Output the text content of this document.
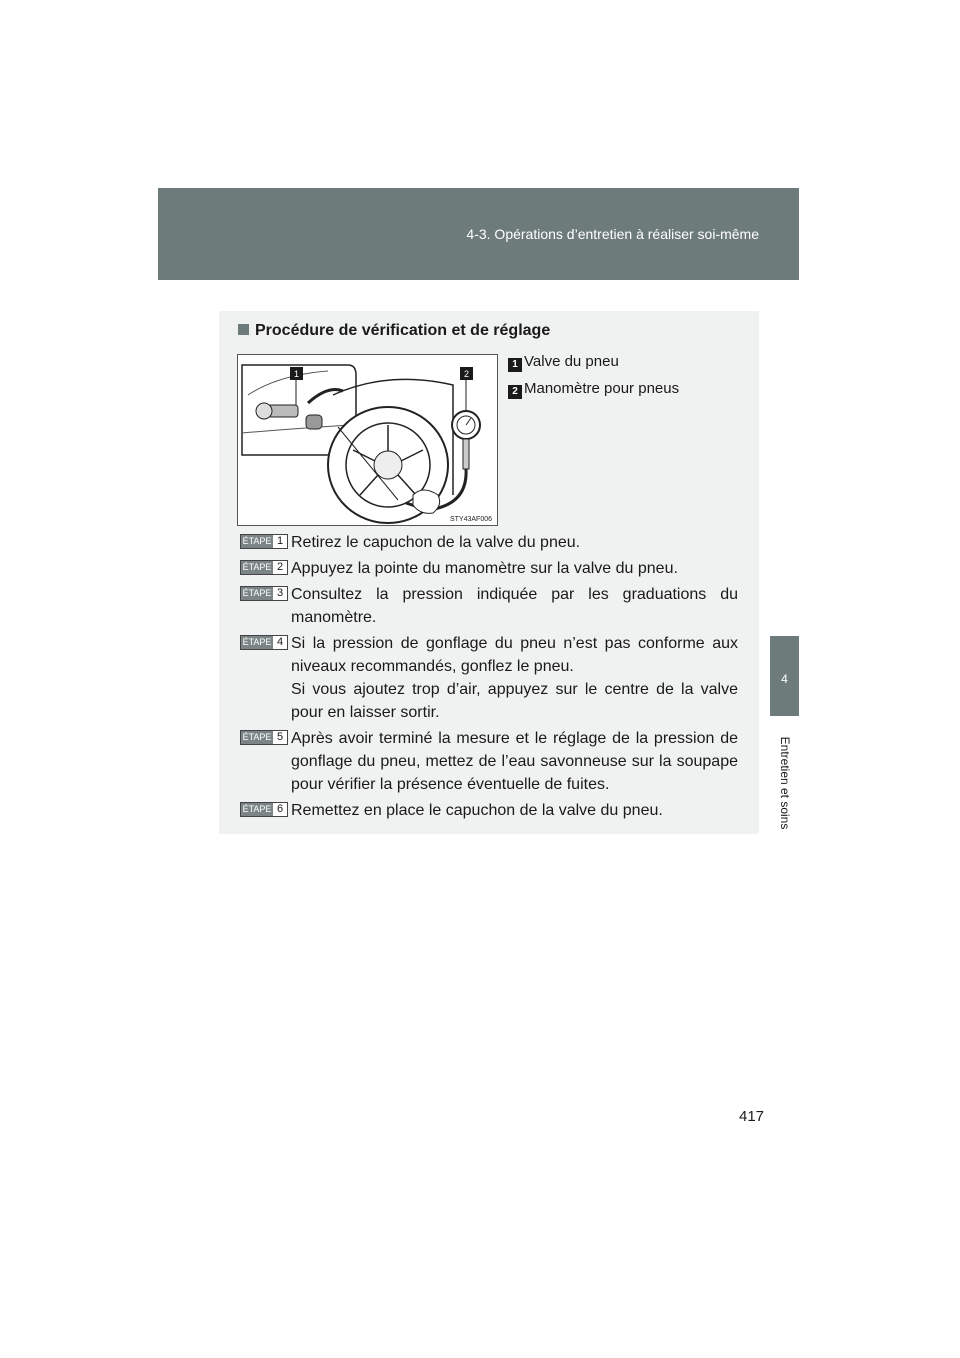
4-3. Opérations d’entretien à réaliser soi-même
4
Entretien et soins
Procédure de vérification et de réglage
1	2
STY43AF006
1 Valve du pneu
2 Manomètre pour pneus
ÉTAPE 1 Retirez le capuchon de la valve du pneu.
ÉTAPE 2 Appuyez la pointe du manomètre sur la valve du pneu.
ÉTAPE 3 Consultez la pression indiquée par les graduations du manomètre.
ÉTAPE 4 Si la pression de gonflage du pneu n’est pas conforme aux niveaux recommandés, gonflez le pneu.
Si vous ajoutez trop d’air, appuyez sur le centre de la valve pour en laisser sortir.
ÉTAPE 5 Après avoir terminé la mesure et le réglage de la pression de gonflage du pneu, mettez de l’eau savonneuse sur la soupape pour vérifier la présence éventuelle de fuites.
ÉTAPE 6 Remettez en place le capuchon de la valve du pneu.
417
